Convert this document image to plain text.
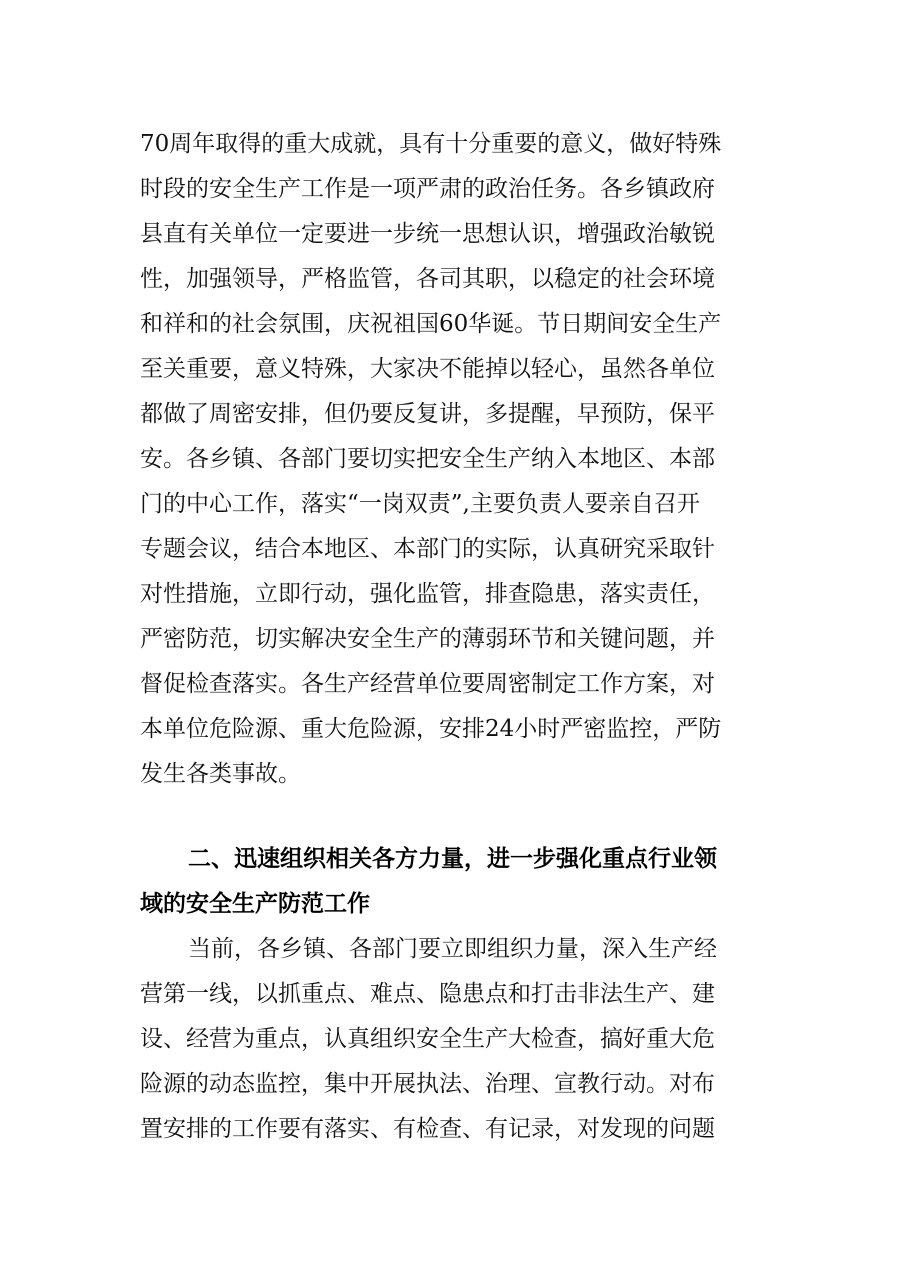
70周年取得的重大成就，具有十分重要的意义，做好特殊
时段的安全生产工作是一项严肃的政治任务。各乡镇政府
县直有关单位一定要进一步统一思想认识，增强政治敏锐
性，加强领导，严格监管，各司其职，以稳定的社会环境
和祥和的社会氛围，庆祝祖国60华诞。节日期间安全生产
至关重要，意义特殊，大家决不能掉以轻心，虽然各单位
都做了周密安排，但仍要反复讲，多提醒，早预防，保平
安。各乡镇、各部门要切实把安全生产纳入本地区、本部
门的中心工作，落实“一岗双责”,主要负责人要亲自召开
专题会议，结合本地区、本部门的实际，认真研究采取针
对性措施，立即行动，强化监管，排查隐患，落实责任，
严密防范，切实解决安全生产的薄弱环节和关键问题，并
督促检查落实。各生产经营单位要周密制定工作方案，对
本单位危险源、重大危险源，安排24小时严密监控，严防
发生各类事故。
二、迅速组织相关各方力量，进一步强化重点行业领
域的安全生产防范工作
当前，各乡镇、各部门要立即组织力量，深入生产经
营第一线，以抓重点、难点、隐患点和打击非法生产、建
设、经营为重点，认真组织安全生产大检查，搞好重大危
险源的动态监控，集中开展执法、治理、宣教行动。对布
置安排的工作要有落实、有检查、有记录，对发现的问题
